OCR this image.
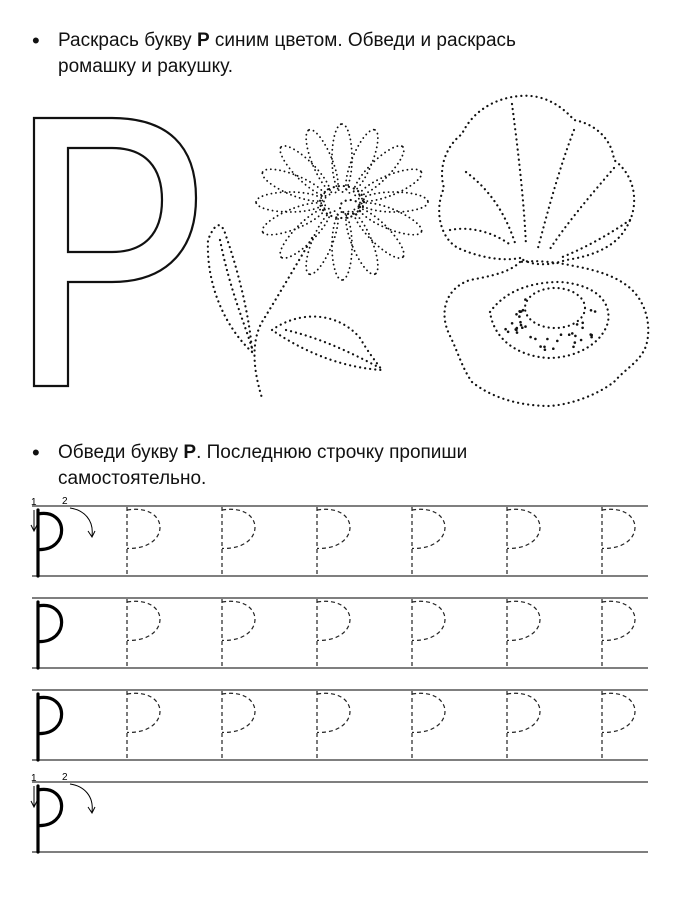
• Раскрась букву Р синим цветом. Обведи и раскрась
ромашку и ракушку.
• Обведи букву Р. Последнюю строчку пропиши
самостоятельно.
1	2
1	2
